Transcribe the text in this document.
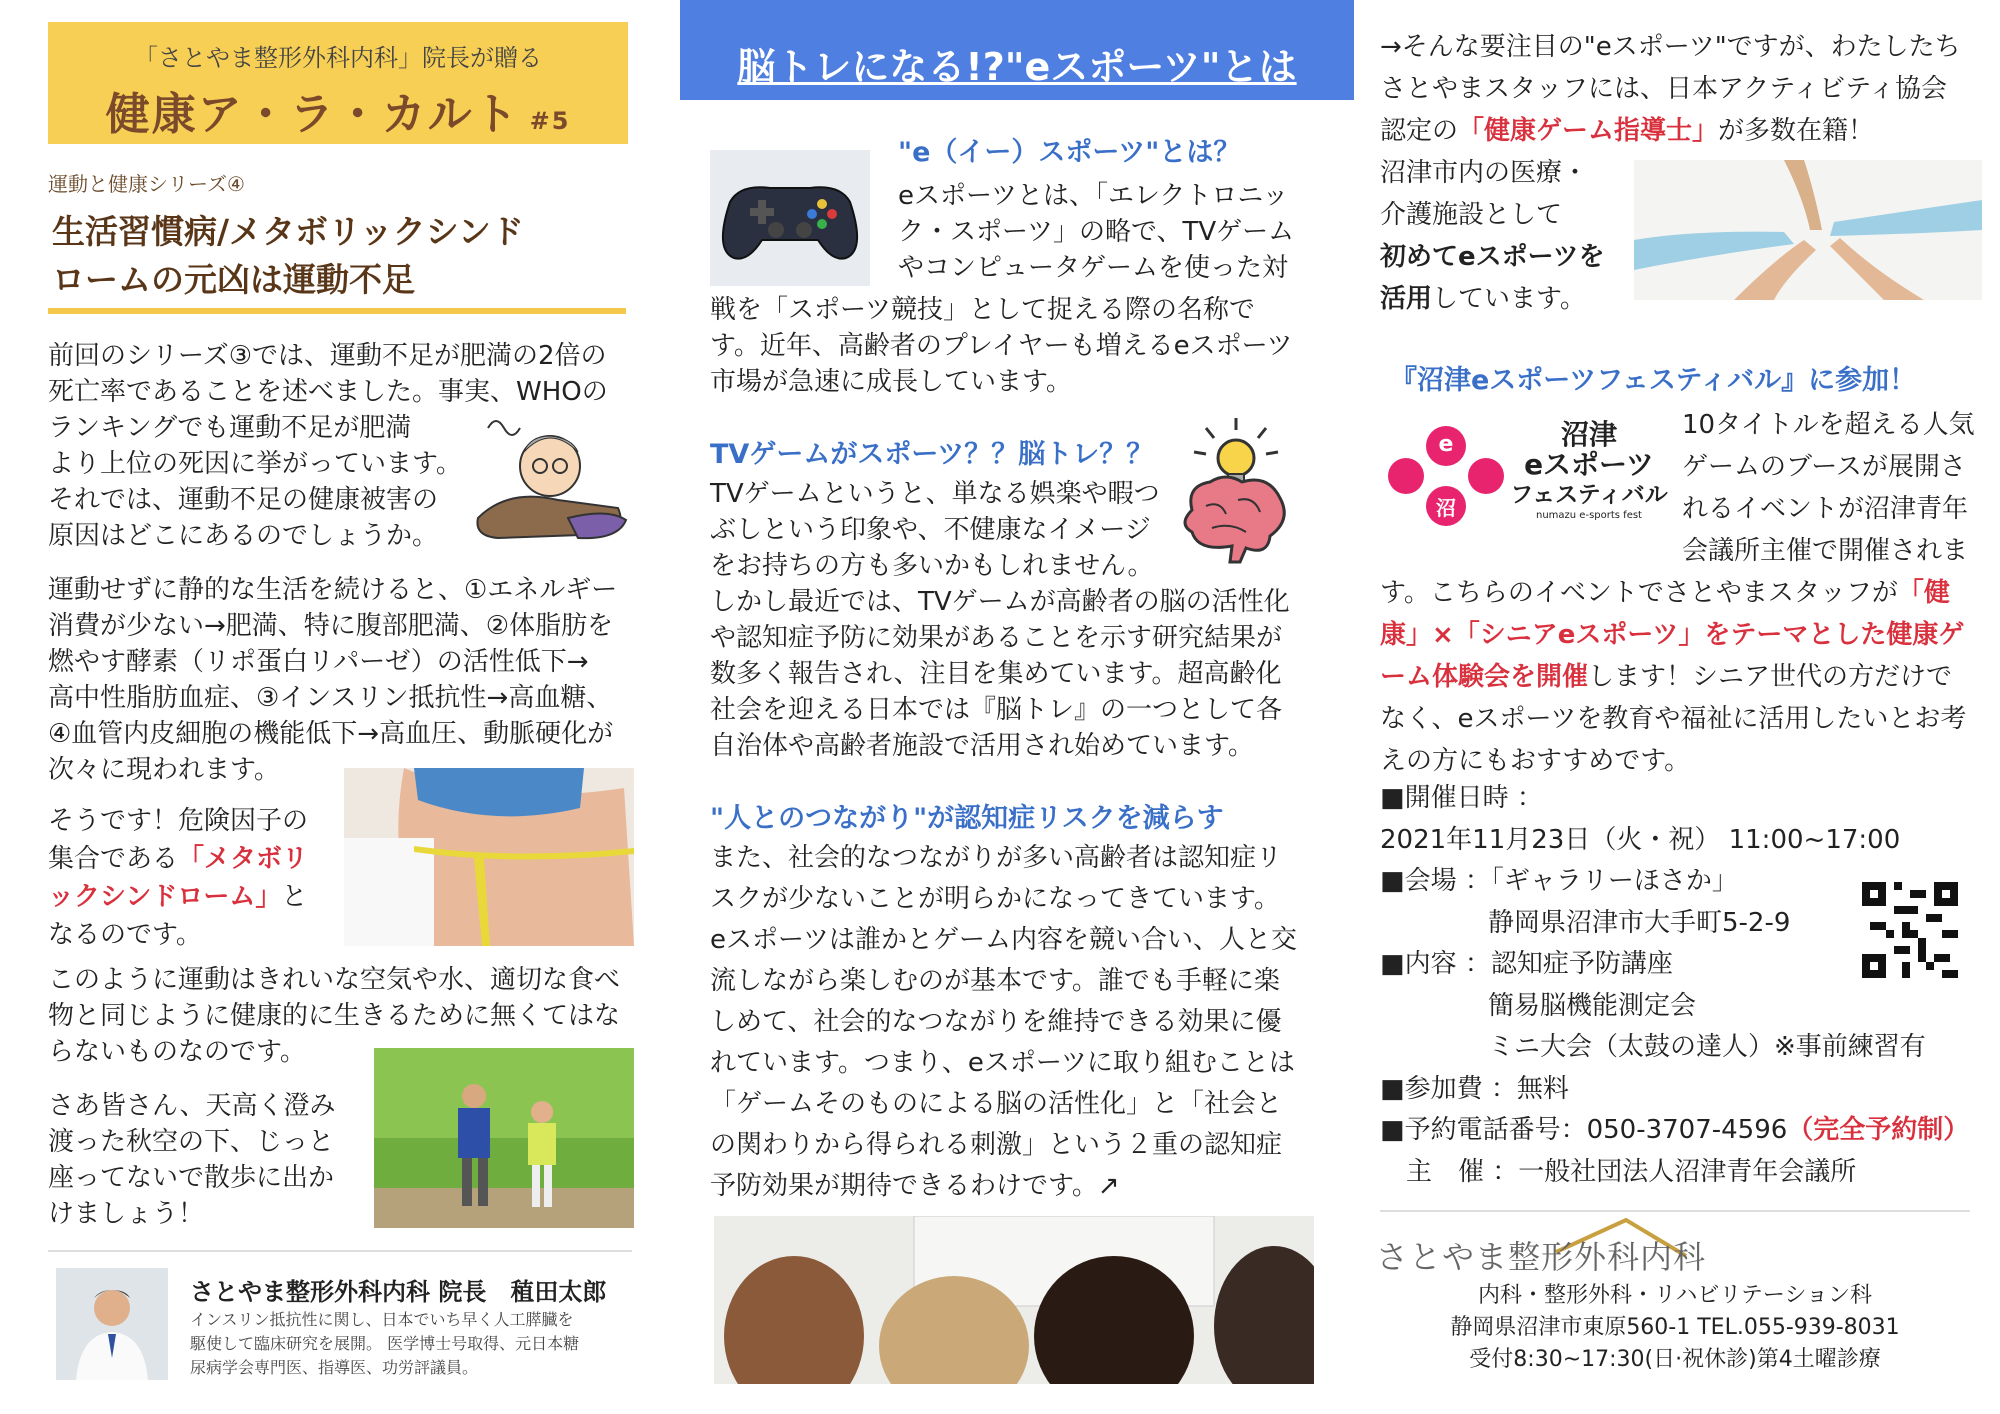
「さとやま整形外科内科」院長が贈る
健康ア・ラ・カルト #5
運動と健康シリーズ④
生活習慣病/メタボリックシンド
ロームの元凶は運動不足

前回のシリーズ③では、運動不足が肥満の2倍の

死亡率であることを述べました。事実、WHOの

ランキングでも運動不足が肥満

より上位の死因に挙がっています。

それでは、運動不足の健康被害の

原因はどこにあるのでしょうか。

運動せずに静的な生活を続けると、①エネルギー

消費が少ない→肥満、特に腹部肥満、②体脂肪を

燃やす酵素（リポ蛋白リパーゼ）の活性低下→

高中性脂肪血症、③インスリン抵抗性→高血糖、

④血管内皮細胞の機能低下→高血圧、動脈硬化が

次々に現われます。

そうです！危険因子の

集合である「メタボリ

ックシンドローム」と

なるのです。

このように運動はきれいな空気や水、適切な食べ

物と同じように健康的に生きるために無くてはな

らないものなのです。

さあ皆さん、天高く澄み

渡った秋空の下、じっと

座ってないで散歩に出か

けましょう！

さとやま整形外科内科 院長　稙田太郎

インスリン抵抗性に関し、日本でいち早く人工膵臓を

駆使して臨床研究を展開。 医学博士号取得、元日本糖

尿病学会専門医、指導医、功労評議員。

脳トレになる!?"eスポーツ"とは
"e（イー）スポーツ"とは？

eスポーツとは、「エレクトロニッ

ク・スポーツ」の略で、TVゲーム

やコンピュータゲームを使った対

戦を「スポーツ競技」として捉える際の名称で

す。近年、高齢者のプレイヤーも増えるeスポーツ

市場が急速に成長しています。

TVゲームがスポーツ？？脳トレ？？

TVゲームというと、単なる娯楽や暇つ

ぶしという印象や、不健康なイメージ

をお持ちの方も多いかもしれません。

しかし最近では、TVゲームが高齢者の脳の活性化

や認知症予防に効果があることを示す研究結果が

数多く報告され、注目を集めています。超高齢化

社会を迎える日本では『脳トレ』の一つとして各

自治体や高齢者施設で活用され始めています。

"人とのつながり"が認知症リスクを減らす

また、社会的なつながりが多い高齢者は認知症リ

スクが少ないことが明らかになってきています。

eスポーツは誰かとゲーム内容を競い合い、人と交

流しながら楽しむのが基本です。誰でも手軽に楽

しめて、社会的なつながりを維持できる効果に優

れています。つまり、eスポーツに取り組むことは

「ゲームそのものによる脳の活性化」と「社会と

の関わりから得られる刺激」という２重の認知症

予防効果が期待できるわけです。↗

→そんな要注目の"eスポーツ"ですが、わたしたち

さとやまスタッフには、日本アクティビティ協会

認定の「健康ゲーム指導士」が多数在籍！

沼津市内の医療・

介護施設として

初めてeスポーツを

活用しています。

『沼津eスポーツフェスティバル』に参加！
e
沼
沼津
eスポーツ
フェスティバル
numazu e-sports fest

10タイトルを超える人気

ゲームのブースが展開さ

れるイベントが沼津青年

会議所主催で開催されま

す。こちらのイベントでさとやまスタッフが「健

康」×「シニアeスポーツ」をテーマとした健康ゲ

ーム体験会を開催します！シニア世代の方だけで

なく、eスポーツを教育や福祉に活用したいとお考

えの方にもおすすめです。

■開催日時 ：

2021年11月23日（火・祝） 11:00~17:00

■会場 ：「ギャラリーほさか」

静岡県沼津市大手町5-2-9

■内容 ：認知症予防講座

簡易脳機能測定会

ミニ大会（太鼓の達人）※事前練習有

■参加費 ：無料

■予約電話番号：050-3707-4596（完全予約制）

主　催 ：一般社団法人沼津青年会議所

さとやま整形外科内科

内科・整形外科・リハビリテーション科

静岡県沼津市東原560-1 TEL.055-939-8031

受付8:30~17:30(日·祝休診)第4土曜診療
